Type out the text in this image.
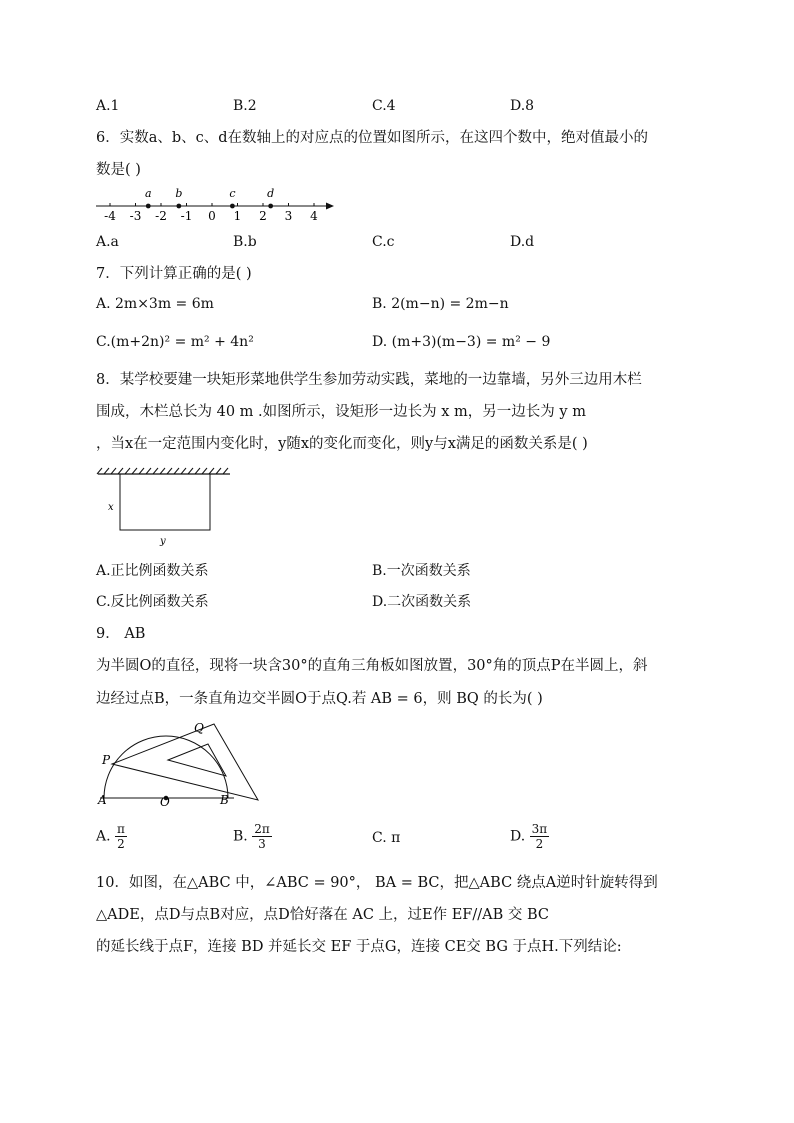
A.1	B.2	C.4	D.8
6．实数a、b、c、d在数轴上的对应点的位置如图所示，在这四个数中，绝对值最小的
数是( )
-4 -3 -2 -1 0 1 2 3 4
a b	c	d
A.a	B.b	C.c	D.d
7．下列计算正确的是( )
A. 2m×3m = 6m	B. 2(m−n) = 2m−n
C.(m+2n)² = m² + 4n²	D. (m+3)(m−3) = m² − 9
8．某学校要建一块矩形菜地供学生参加劳动实践，菜地的一边靠墙，另外三边用木栏
围成，木栏总长为 40 m .如图所示，设矩形一边长为 x m，另一边长为 y m
，当x在一定范围内变化时，y随x的变化而变化，则y与x满足的函数关系是( )
x
y
A.正比例函数关系	B.一次函数关系
C.反比例函数关系	D.二次函数关系
9． AB
为半圆O的直径，现将一块含30°的直角三角板如图放置，30°角的顶点P在半圆上，斜
边经过点B，一条直角边交半圆O于点Q.若 AB = 6，则 BQ 的长为( )
Q
P
A	O	B
A. $\frac{\pi}{2}$	B. $\frac{2\pi}{3}$	C. π	D. $\frac{3\pi}{2}$
10．如图，在△ABC 中，∠ABC = 90°， BA = BC，把△ABC 绕点A逆时针旋转得到
△ADE，点D与点B对应，点D恰好落在 AC 上，过E作 EF//AB 交 BC
的延长线于点F，连接 BD 并延长交 EF 于点G，连接 CE交 BG 于点H.下列结论:
